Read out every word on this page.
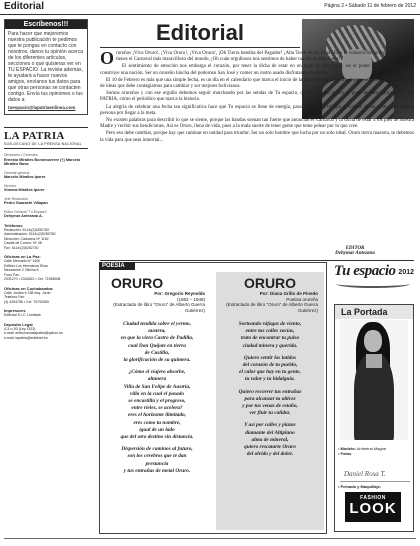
Editorial	Página 2 • Sábado 11 de febrero de 2012
Escríbenos!!!

Para hacer que mejoremos nuestra publicación te pedimos que te pongas en contacto con nosotros, danos tu opinión acerca de los diferentes artículos, secciones o qué quisieras ver en TU ESPACIO. La revista además, te ayudará a hacer nuevos amigos, envíanos tus datos para que otras personas se contacten contigo. Envía tus opiniones o tus datos a:

tuespacio@lapatriaenlinea.com

LA PATRIA
SUB-DECANO DE LA PRENSA NACIONAL
Directores • Gerentes
Ernesto Miralles Bonnecarrere (†) Marcelo Miralles Bova
Gerente general
Marcelo Miralles Iporre
Director
Ximena Miralles Iporre
Jefe Redacción
Pedro Guarachi Villapan
Editor General "Tu Espacio"
Dehymar Antezana A.
Teléfonos
Redacción: 5114•(2)5250780
Administración: 5114•(2)5250780
Dirección: Calancha Nº 1162
Casilla de Correo: Nº 48
Fax: 5114•(2)5252730
Oficinas en La Paz:
Calle Mercado Nº 1400
Edificio Los Hermanos Elías
Mezzanine 2 Oficina 6
Fono Fax:
2331270 • 2334822 • Cel. 71566308
Oficinas en Cochabamba:
Calle Jordán # 138 esq. Junín
Telefono Fax:
(4) 4254756 • Cel. 70792659
Impresores
Editorial S.I.C. Limitada
Depósito Legal
4-3-••-93 (Ley 1322)
e-mail: erbiconectalapatria@yahoo.es
e-mail: lapatria@entelnet.bo
Editorial

Orureños ¡Viva Oruro!, ¡Viva Oruro!, ¡Viva Oruro!, ¡Oh Tierra bendita del Pagador! ¡Alta Torre de los Urus! Eres la comarca del gringo y del gitano, tienes el Carnaval más maravilloso del mundo, ¡Oh cuán orgullosos nos sentimos de haber nacido en esta tierra!

El sentimiento de emoción nos embarga el corazón, por tener la dicha de estar en un lugar de privilegio, así el poder de los humanos que construye una nación. Ser un orureño hincha del poderoso San José y comer un rostro asado disfrutando de diablo.

El 10 de Febrero es más que una simple fecha, es un día en el calendario que marca el inicio de la gesta libertaria contra el yugo español, es la revolución de ideas que debe contagiarnos para cambiar y ser mejores bolivianos.

Somos orureños y con ese orgullo debemos seguir marchando por las sendas de Tu espacio, que hoy como nunca se pone de fiesta por tener a LA PATRIA, como el periódico que marca la historia.

La alegría de celebrar una fecha tan significativa hace que Tu espacio se llene de energía, para construir y reflejar el trabajo de un gesto, que camina persona por llegar a la meta.

No existen palabras para describir lo que se siente, porque las bandas suenan tan fuerte que anuncian el Carnaval y la dicha de estar a los pies de nuestra Madre y recibir sus bendiciones. Así es Oruro, llena de vida, pues a la mala suerte de tener gente que teme pelear por lo que cree.

Pero eso debe cambiar, porque hay que caminar en unidad para triunfar. Ser un solo hombre que lucha por un solo ideal. Oruro tierra maestra, te debemos la vida para que seas inmortal...

EDITOR
Dehymar Antezana
POESÍA
ORURO
Por: Gregorio Reynolds
(1882 – 1948)
(Extractado de libro "Oruro" de Alberto Guerra Gutiérrez)
Ciudad tendida sobre el yermo,
austera,
en que la viera Castro de Padilla,
cual Don Quijote en tierra
de Castilla,
la glorificación de su quimera.
¿Cómo el viajero absorbe,
altanera
Villa de San Felipe de Austria,
villa en la cual el pasado
se encastilla y el progreso,
entre rieles, se acelera?
eres el horizonte ilimitado,
eres como tu nombre,
igual de un lado
que del otro destino sin distancia.
Dispersión de caminos al futuro,
son los cerebros que te dan
prestancia
y tus entrañas de metal Oruro.
ORURO
Por: Diana Grillo de Pinedo
Poetisa orureña
(Extractado de libro "Oruro" de Alberto Guerra Gutiérrez)
Sorteando ráfagas de viento,
entre tus calles vacías,
trato de encontrar tu pulso
ciudad minera y querida.
Quiero sentir los latidos
del corazón de tu pueblo,
el calor que hay en tu gente,
tu valor y tu hidalguía.
Quiero recorrer tus entrañas
para alcanzar tu altivez
y por tus venas de estaño,
ver fluir tu calidez.
Y así por calles y plazas
diamante del Altiplano
alma de mineral,
quiero rescatarte Oruro
del olvido y del dolor.
Tu espacio 2012
La Portada
• Modelo: Andreina Magne
• Fotos
Daniel Rosa T.
• Peinado y Maquillaje:
FASHION
LOOK
